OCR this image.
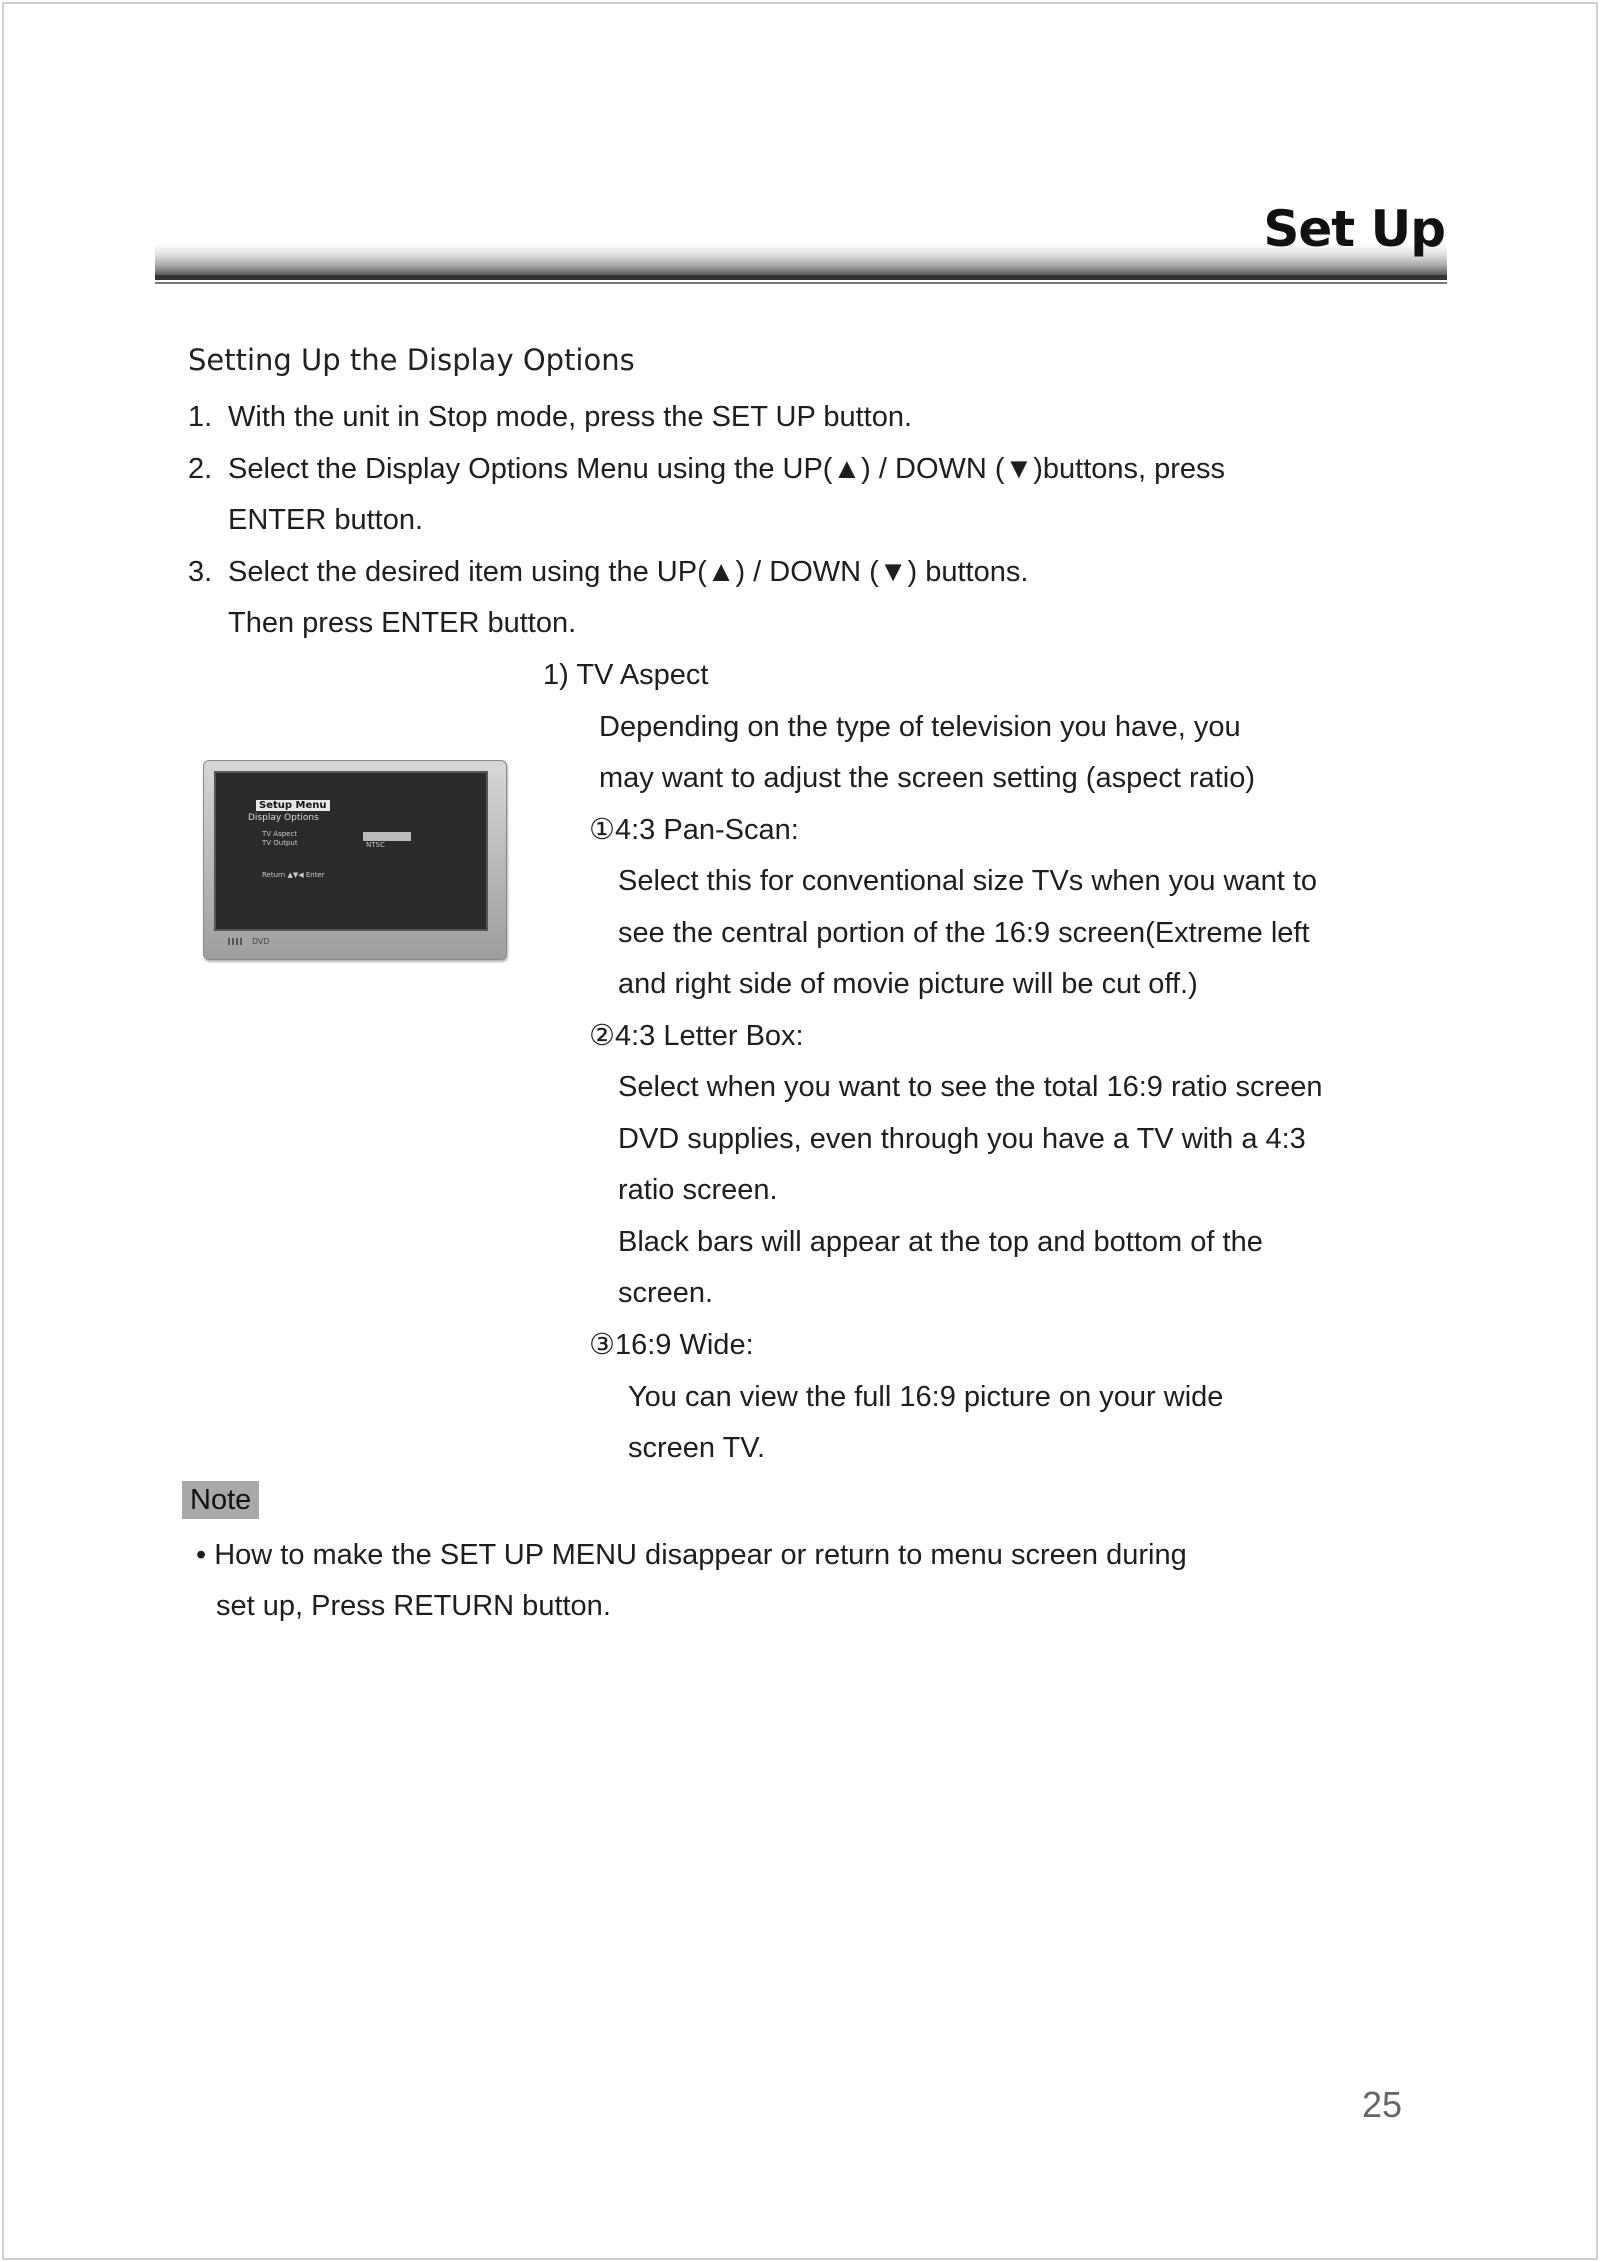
Set Up
Setting Up the Display Options
1. With the unit in Stop mode, press the SET UP button.
2. Select the Display Options Menu using the UP(▲) / DOWN (▼)buttons, press
ENTER button.
3. Select the desired item using the UP(▲) / DOWN (▼) buttons.
Then press ENTER button.
1) TV Aspect
Depending on the type of television you have, you
may want to adjust the screen setting (aspect ratio)
①4:3 Pan-Scan:
Select this for conventional size TVs when you want to
see the central portion of the 16:9 screen(Extreme left
and right side of movie picture will be cut off.)
②4:3 Letter Box:
Select when you want to see the total 16:9 ratio screen
DVD supplies, even through you have a TV with a 4:3
ratio screen.
Black bars will appear at the top and bottom of the
screen.
③16:9 Wide:
You can view the full 16:9 picture on your wide
screen TV.
Setup Menu
Display Options
TV Aspect
TV Output	NTSC
Return ▲▼◀ Enter
DVD
Note
• How to make the SET UP MENU disappear or return to menu screen during
set up, Press RETURN button.
25
